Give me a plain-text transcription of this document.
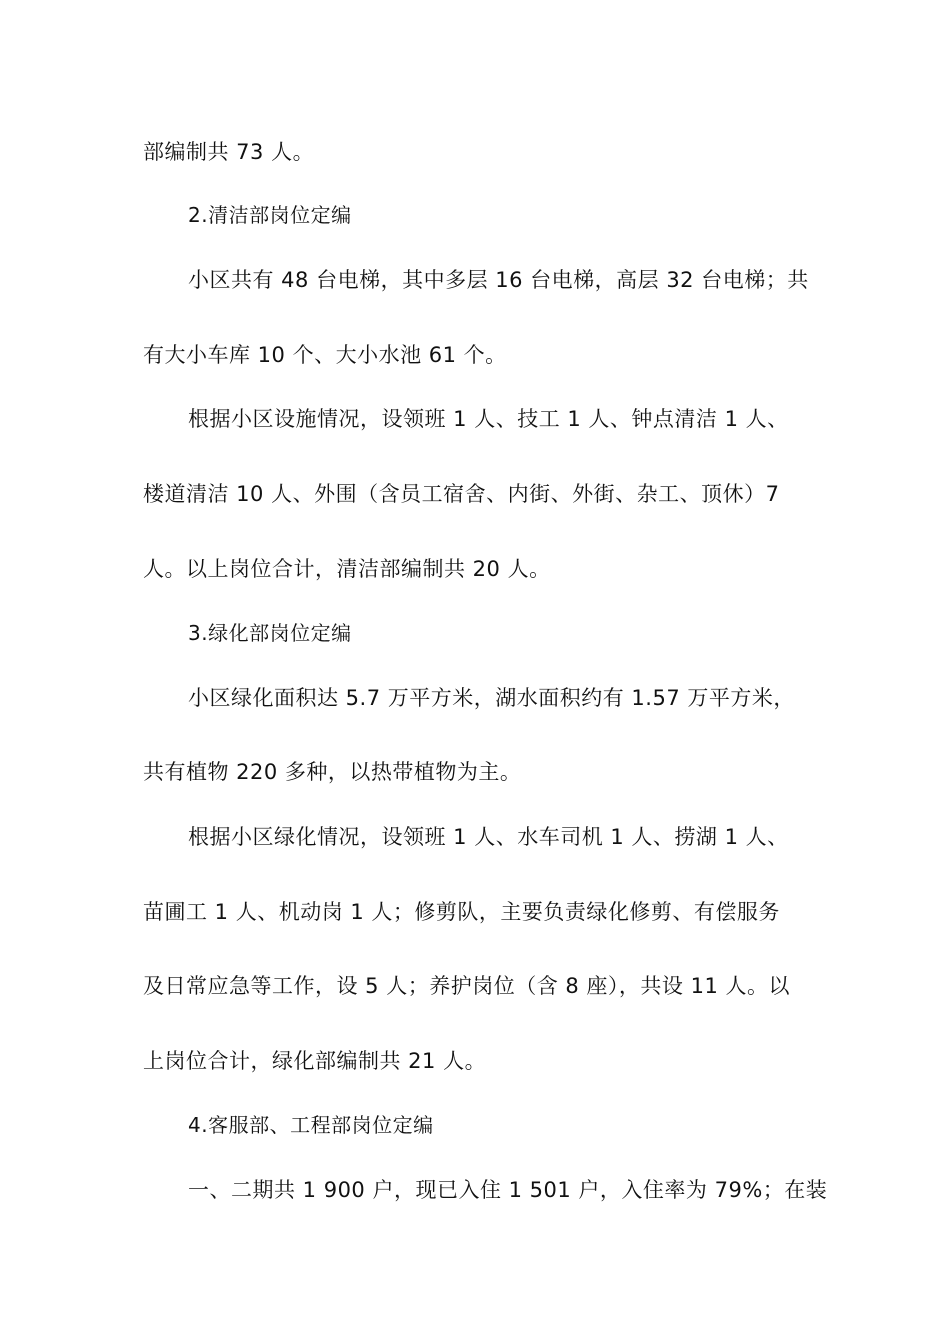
部编制共 73 人。
2.清洁部岗位定编
小区共有 48 台电梯，其中多层 16 台电梯，高层 32 台电梯；共
有大小车库 10 个、大小水池 61 个。
根据小区设施情况，设领班 1 人、技工 1 人、钟点清洁 1 人、
楼道清洁 10 人、外围（含员工宿舍、内街、外街、杂工、顶休）7
人。以上岗位合计，清洁部编制共 20 人。
3.绿化部岗位定编
小区绿化面积达 5.7 万平方米，湖水面积约有 1.57 万平方米，
共有植物 220 多种，以热带植物为主。
根据小区绿化情况，设领班 1 人、水车司机 1 人、捞湖 1 人、
苗圃工 1 人、机动岗 1 人；修剪队，主要负责绿化修剪、有偿服务
及日常应急等工作，设 5 人；养护岗位（含 8 座），共设 11 人。以
上岗位合计，绿化部编制共 21 人。
4.客服部、工程部岗位定编
一、二期共 1 900 户，现已入住 1 501 户，入住率为 79%；在装
